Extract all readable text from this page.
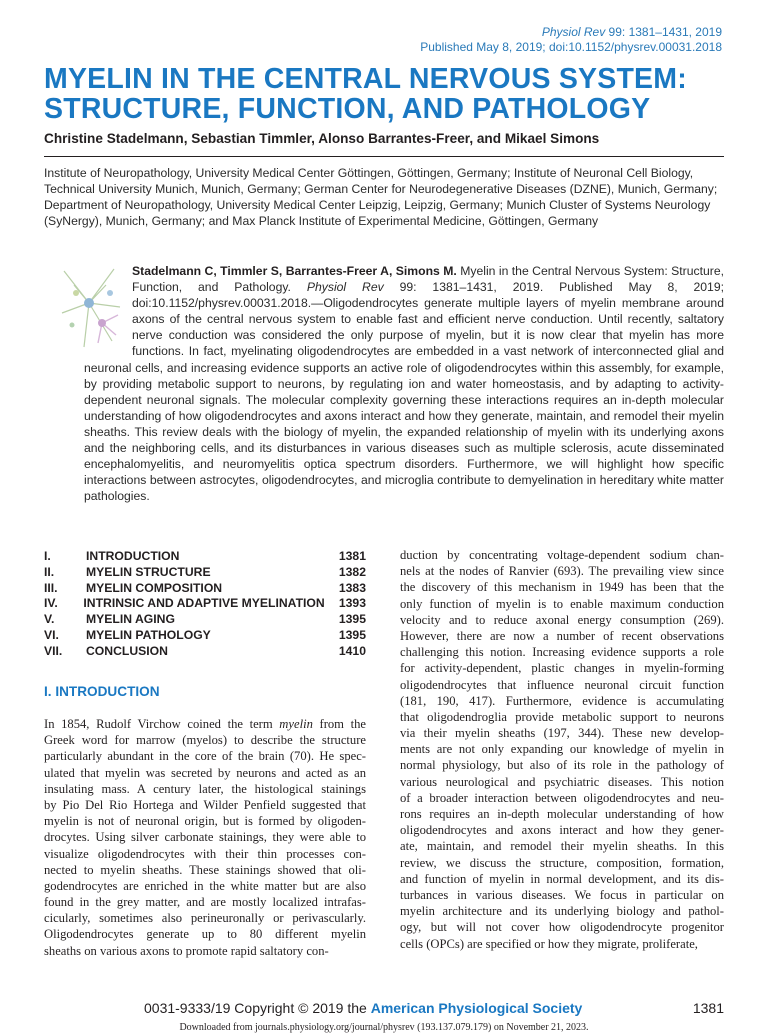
Physiol Rev 99: 1381–1431, 2019
Published May 8, 2019; doi:10.1152/physrev.00031.2018
MYELIN IN THE CENTRAL NERVOUS SYSTEM:
STRUCTURE, FUNCTION, AND PATHOLOGY
Christine Stadelmann, Sebastian Timmler, Alonso Barrantes-Freer, and Mikael Simons
Institute of Neuropathology, University Medical Center Göttingen, Göttingen, Germany; Institute of Neuronal Cell Biology, Technical University Munich, Munich, Germany; German Center for Neurodegenerative Diseases (DZNE), Munich, Germany; Department of Neuropathology, University Medical Center Leipzig, Leipzig, Germany; Munich Cluster of Systems Neurology (SyNergy), Munich, Germany; and Max Planck Institute of Experimental Medicine, Göttingen, Germany
Stadelmann C, Timmler S, Barrantes-Freer A, Simons M. Myelin in the Central Nervous System: Structure, Function, and Pathology. Physiol Rev 99: 1381–1431, 2019. Published May 8, 2019; doi:10.1152/physrev.00031.2018.—Oligodendrocytes generate multiple layers of myelin membrane around axons of the central nervous system to enable fast and efficient nerve conduction. Until recently, saltatory nerve conduction was considered the only purpose of myelin, but it is now clear that myelin has more functions. In fact, myelinating oligodendrocytes are embedded in a vast network of interconnected glial and neuronal cells, and increasing evidence supports an active role of oligodendrocytes within this assembly, for example, by providing metabolic support to neurons, by regulating ion and water homeostasis, and by adapting to activity-dependent neuronal signals. The molecular complexity governing these interactions requires an in-depth molecular understanding of how oligodendrocytes and axons interact and how they generate, maintain, and remodel their myelin sheaths. This review deals with the biology of myelin, the expanded relationship of myelin with its underlying axons and the neighboring cells, and its disturbances in various diseases such as multiple sclerosis, acute disseminated encephalomyelitis, and neuromyelitis optica spectrum disorders. Furthermore, we will highlight how specific interactions between astrocytes, oligodendrocytes, and microglia contribute to demyelination in hereditary white matter pathologies.
I.	INTRODUCTION	1381
II.	MYELIN STRUCTURE	1382
III.	MYELIN COMPOSITION	1383
IV.	INTRINSIC AND ADAPTIVE MYELINATION	1393
V.	MYELIN AGING	1395
VI.	MYELIN PATHOLOGY	1395
VII.	CONCLUSION	1410
I. INTRODUCTION
In 1854, Rudolf Virchow coined the term myelin from the
Greek word for marrow (myelos) to describe the structure
particularly abundant in the core of the brain (70). He spec-
ulated that myelin was secreted by neurons and acted as an
insulating mass. A century later, the histological stainings
by Pio Del Rio Hortega and Wilder Penfield suggested that
myelin is not of neuronal origin, but is formed by oligoden-
drocytes. Using silver carbonate stainings, they were able to
visualize oligodendrocytes with their thin processes con-
nected to myelin sheaths. These stainings showed that oli-
godendrocytes are enriched in the white matter but are also
found in the grey matter, and are mostly localized intrafas-
cicularly, sometimes also perineuronally or perivascularly.
Oligodendrocytes generate up to 80 different myelin
sheaths on various axons to promote rapid saltatory con-
duction by concentrating voltage-dependent sodium chan-
nels at the nodes of Ranvier (693). The prevailing view since
the discovery of this mechanism in 1949 has been that the
only function of myelin is to enable maximum conduction
velocity and to reduce axonal energy consumption (269).
However, there are now a number of recent observations
challenging this notion. Increasing evidence supports a role
for activity-dependent, plastic changes in myelin-forming
oligodendrocytes that influence neuronal circuit function
(181, 190, 417). Furthermore, evidence is accumulating
that oligodendroglia provide metabolic support to neurons
via their myelin sheaths (197, 344). These new develop-
ments are not only expanding our knowledge of myelin in
normal physiology, but also of its role in the pathology of
various neurological and psychiatric diseases. This notion
of a broader interaction between oligodendrocytes and neu-
rons requires an in-depth molecular understanding of how
oligodendrocytes and axons interact and how they gener-
ate, maintain, and remodel their myelin sheaths. In this
review, we discuss the structure, composition, formation,
and function of myelin in normal development, and its dis-
turbances in various diseases. We focus in particular on
myelin architecture and its underlying biology and pathol-
ogy, but will not cover how oligodendrocyte progenitor
cells (OPCs) are specified or how they migrate, proliferate,
0031-9333/19 Copyright © 2019 the American Physiological Society	1381
Downloaded from journals.physiology.org/journal/physrev (193.137.079.179) on November 21, 2023.
